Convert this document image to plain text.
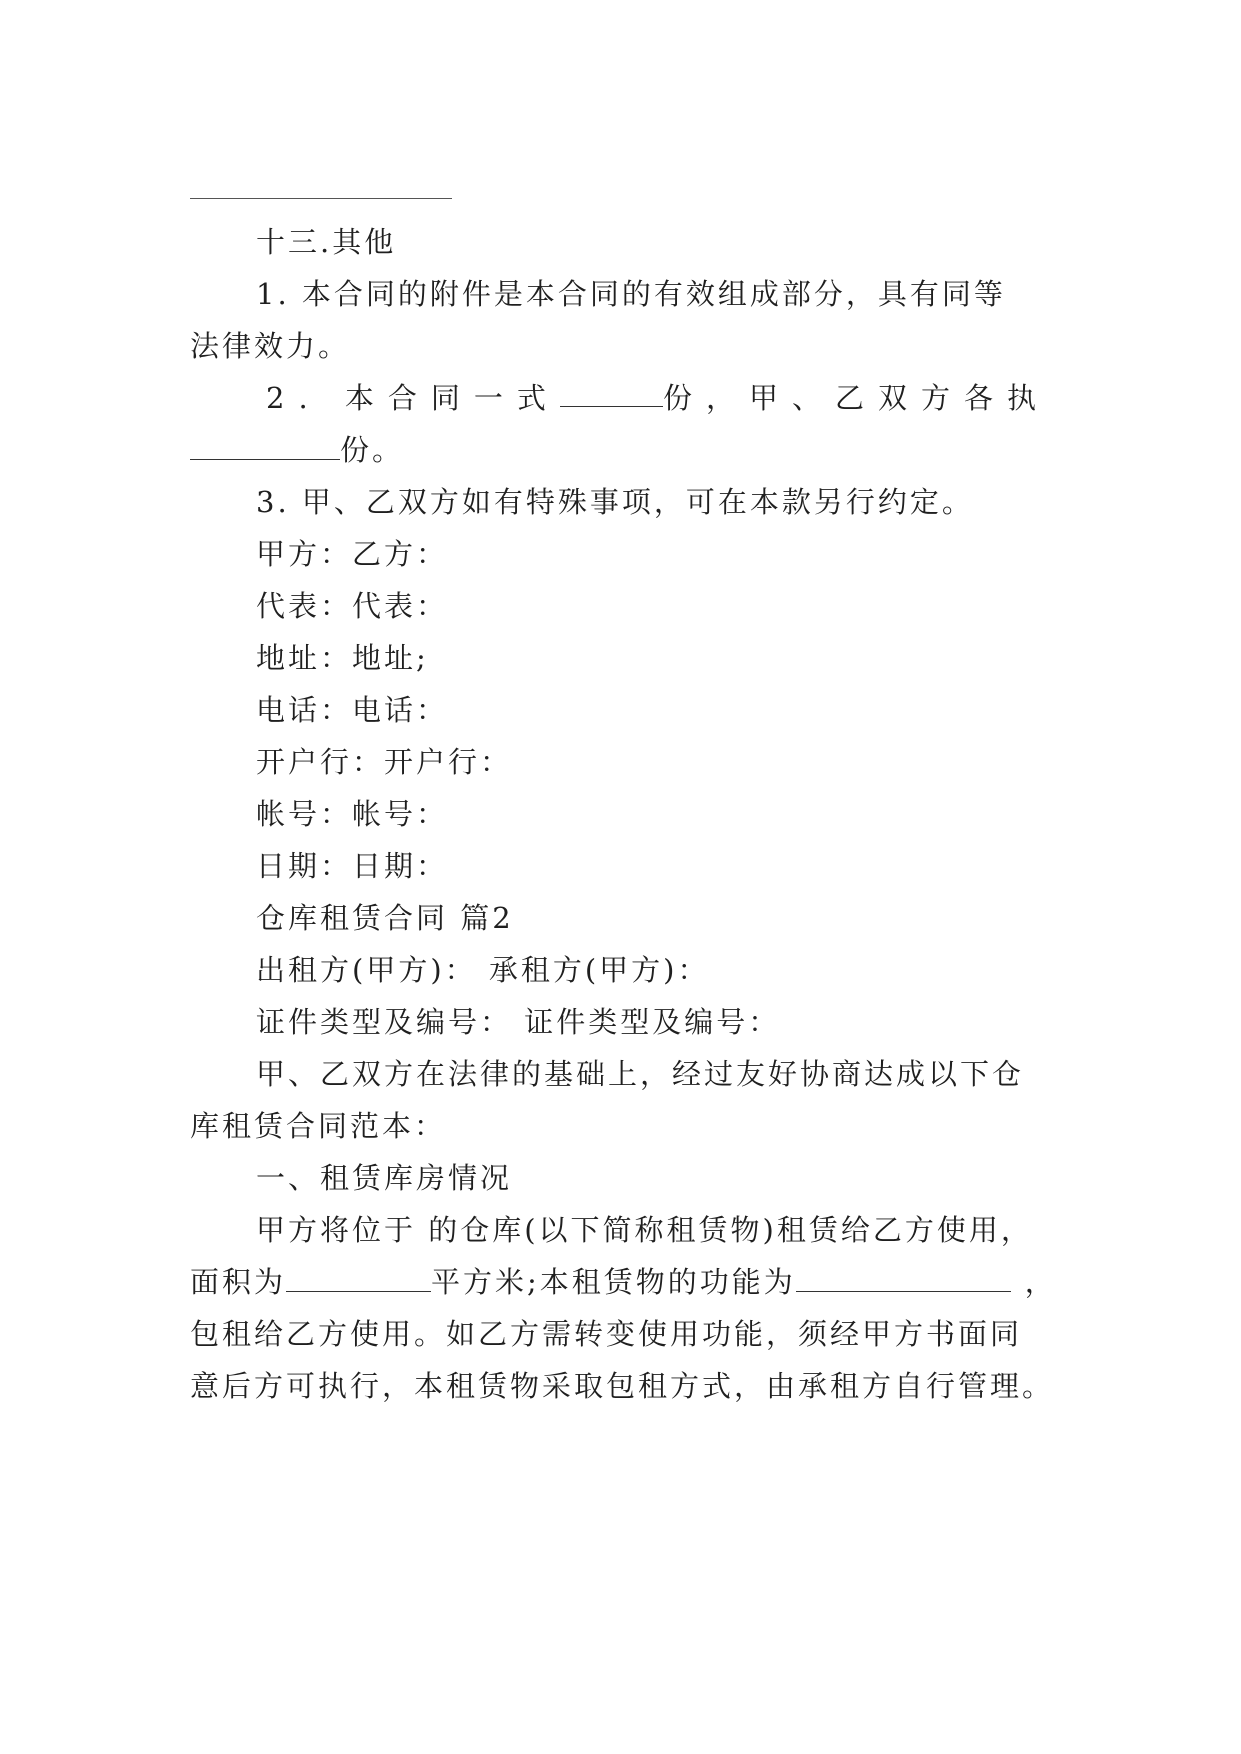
十三.其他
1. 本合同的附件是本合同的有效组成部分，具有同等
法律效力。
2. 本合同一式	份，甲、乙双方各执
份。
3. 甲、乙双方如有特殊事项，可在本款另行约定。
甲方：乙方：
代表：代表：
地址：地址;
电话：电话：
开户行：开户行：
帐号：帐号：
日期：日期：
仓库租赁合同 篇2
出租方(甲方)： 承租方(甲方)：
证件类型及编号： 证件类型及编号：
甲、乙双方在法律的基础上，经过友好协商达成以下仓
库租赁合同范本：
一、租赁库房情况
甲方将位于 的仓库(以下简称租赁物)租赁给乙方使用，
面积为	平方米;本租赁物的功能为	，
包租给乙方使用。如乙方需转变使用功能，须经甲方书面同
意后方可执行，本租赁物采取包租方式，由承租方自行管理。
